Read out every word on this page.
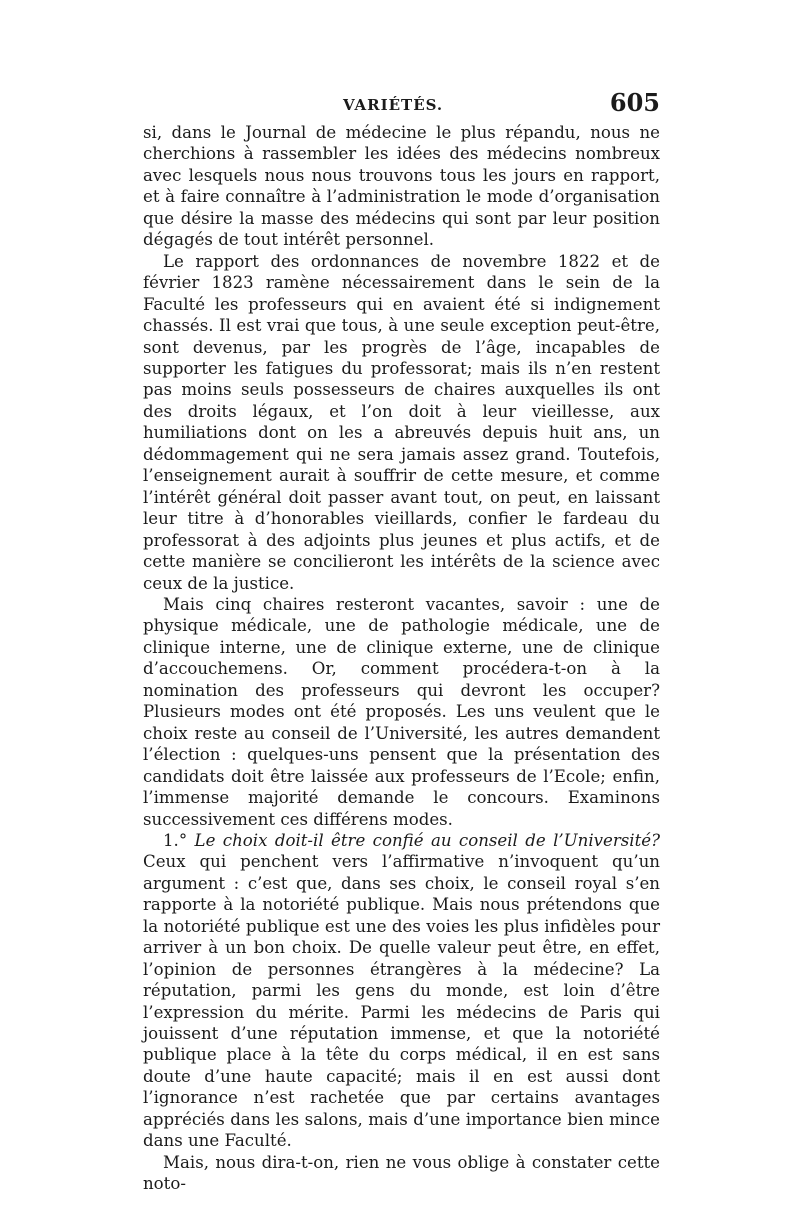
VARIÉTÉS.	605

si, dans le Journal de médecine le plus répandu, nous ne cherchions à rassembler les idées des médecins nombreux avec lesquels nous nous trouvons tous les jours en rapport, et à faire connaître à l’administration le mode d’organisation que désire la masse des médecins qui sont par leur position dégagés de tout intérêt personnel.

Le rapport des ordonnances de novembre 1822 et de février 1823 ramène nécessairement dans le sein de la Faculté les professeurs qui en avaient été si indignement chassés. Il est vrai que tous, à une seule exception peut-être, sont devenus, par les progrès de l’âge, incapables de supporter les fatigues du professorat; mais ils n’en restent pas moins seuls possesseurs de chaires auxquelles ils ont des droits légaux, et l’on doit à leur vieillesse, aux humiliations dont on les a abreuvés depuis huit ans, un dédommagement qui ne sera jamais assez grand. Toutefois, l’enseignement aurait à souffrir de cette mesure, et comme l’intérêt général doit passer avant tout, on peut, en laissant leur titre à d’honorables vieillards, confier le fardeau du professorat à des adjoints plus jeunes et plus actifs, et de cette manière se concilieront les intérêts de la science avec ceux de la justice.

Mais cinq chaires resteront vacantes, savoir : une de physique médicale, une de pathologie médicale, une de clinique interne, une de clinique externe, une de clinique d’accouchemens. Or, comment procédera-t-on à la nomination des professeurs qui devront les occuper? Plusieurs modes ont été proposés. Les uns veulent que le choix reste au conseil de l’Université, les autres demandent l’élection : quelques-uns pensent que la présentation des candidats doit être laissée aux professeurs de l’Ecole; enfin, l’immense majorité demande le concours. Examinons successivement ces différens modes.

1.° Le choix doit-il être confié au conseil de l’Université? Ceux qui penchent vers l’affirmative n’invoquent qu’un argument : c’est que, dans ses choix, le conseil royal s’en rapporte à la notoriété publique. Mais nous prétendons que la notoriété publique est une des voies les plus infidèles pour arriver à un bon choix. De quelle valeur peut être, en effet, l’opinion de personnes étrangères à la médecine? La réputation, parmi les gens du monde, est loin d’être l’expression du mérite. Parmi les médecins de Paris qui jouissent d’une réputation immense, et que la notoriété publique place à la tête du corps médical, il en est sans doute d’une haute capacité; mais il en est aussi dont l’ignorance n’est rachetée que par certains avantages appréciés dans les salons, mais d’une importance bien mince dans une Faculté.

Mais, nous dira-t-on, rien ne vous oblige à constater cette noto-
